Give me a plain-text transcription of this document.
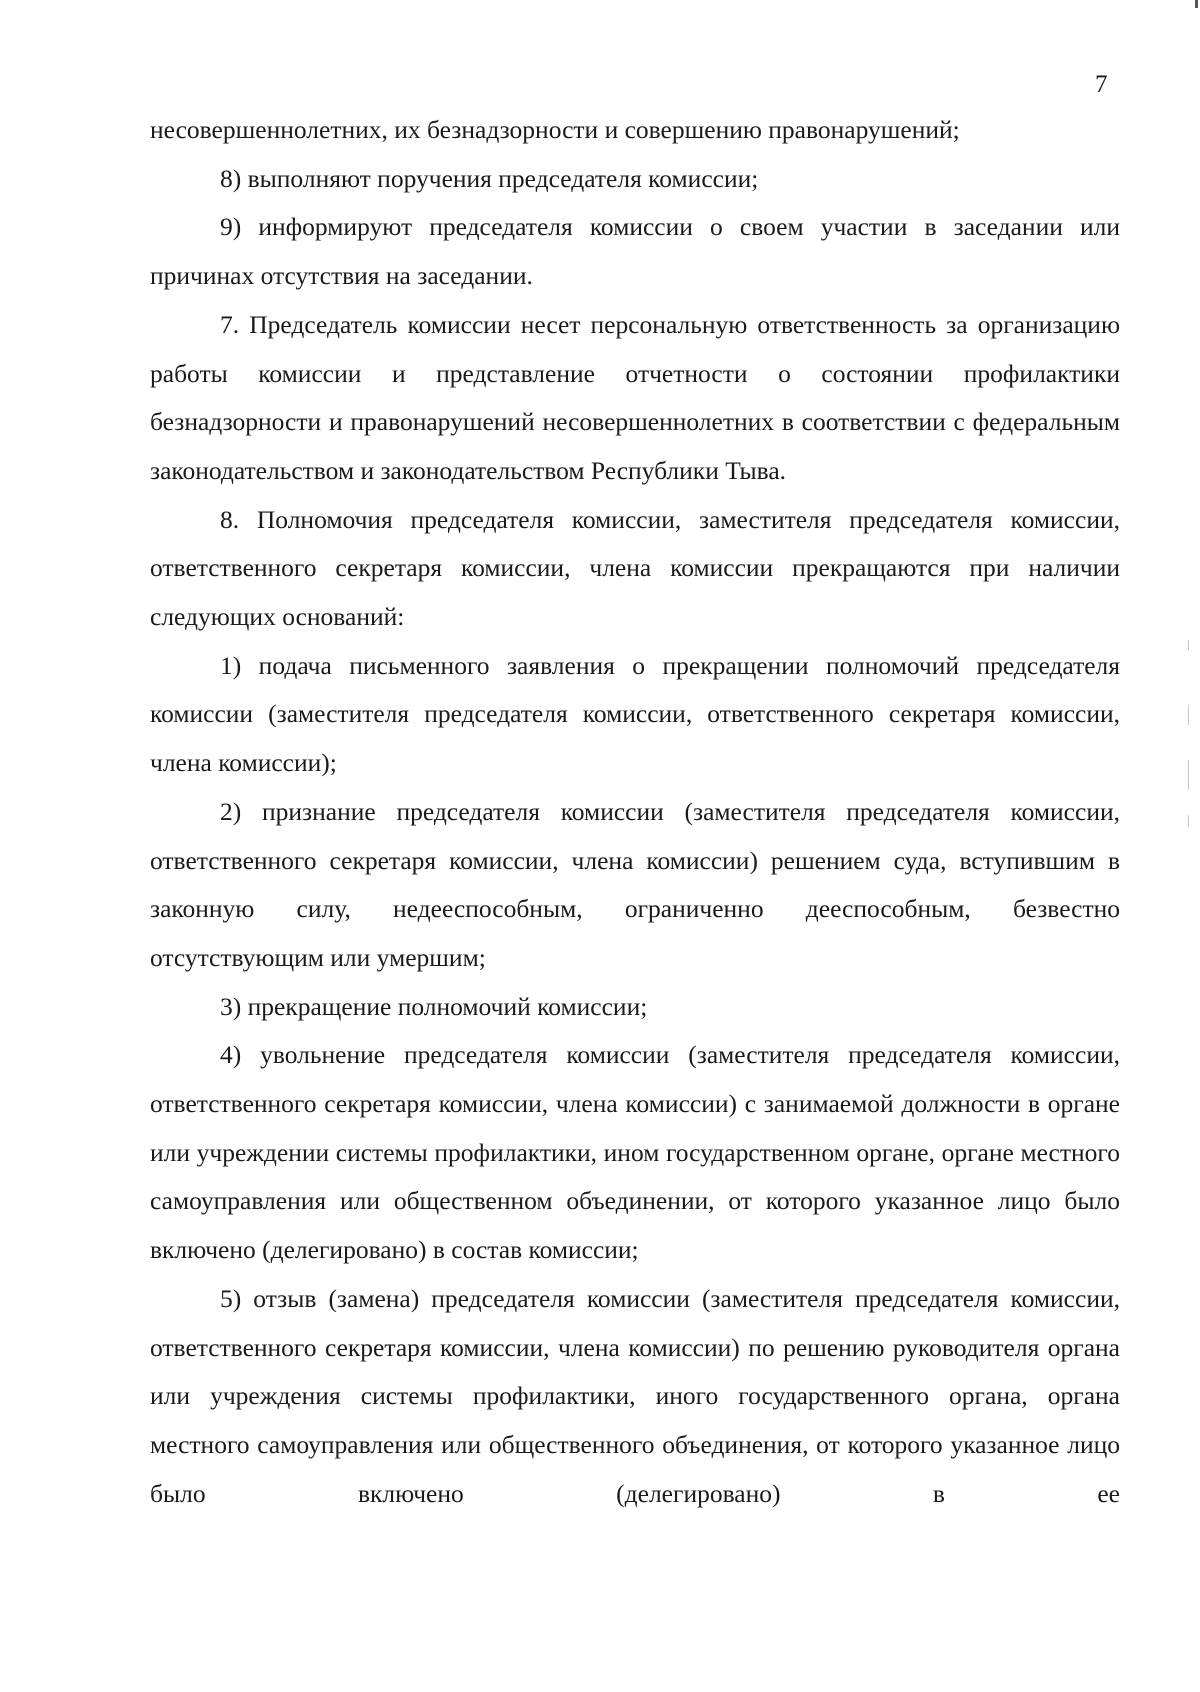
7

несовершеннолетних, их безнадзорности и совершению правонарушений;

8) выполняют поручения председателя комиссии;

9) информируют председателя комиссии о своем участии в заседании или причинах отсутствия на заседании.

7. Председатель комиссии несет персональную ответственность за организацию работы комиссии и представление отчетности о состоянии профилактики безнадзорности и правонарушений несовершеннолетних в соответствии с федеральным законодательством и законодательством Республики Тыва.

8. Полномочия председателя комиссии, заместителя председателя комиссии, ответственного секретаря комиссии, члена комиссии прекращаются при наличии следующих оснований:

1) подача письменного заявления о прекращении полномочий председателя комиссии (заместителя председателя комиссии, ответственного секретаря комиссии, члена комиссии);

2) признание председателя комиссии (заместителя председателя комиссии, ответственного секретаря комиссии, члена комиссии) решением суда, вступившим в законную силу, недееспособным, ограниченно дееспособным, безвестно отсутствующим или умершим;

3) прекращение полномочий комиссии;

4) увольнение председателя комиссии (заместителя председателя комиссии, ответственного секретаря комиссии, члена комиссии) с занимаемой должности в органе или учреждении системы профилактики, ином государственном органе, органе местного самоуправления или общественном объединении, от которого указанное лицо было включено (делегировано) в состав комиссии;

5) отзыв (замена) председателя комиссии (заместителя председателя комиссии, ответственного секретаря комиссии, члена комиссии) по решению руководителя органа или учреждения системы профилактики, иного государственного органа, органа местного самоуправления или общественного объединения, от которого указанное лицо было включено (делегировано) в ее
